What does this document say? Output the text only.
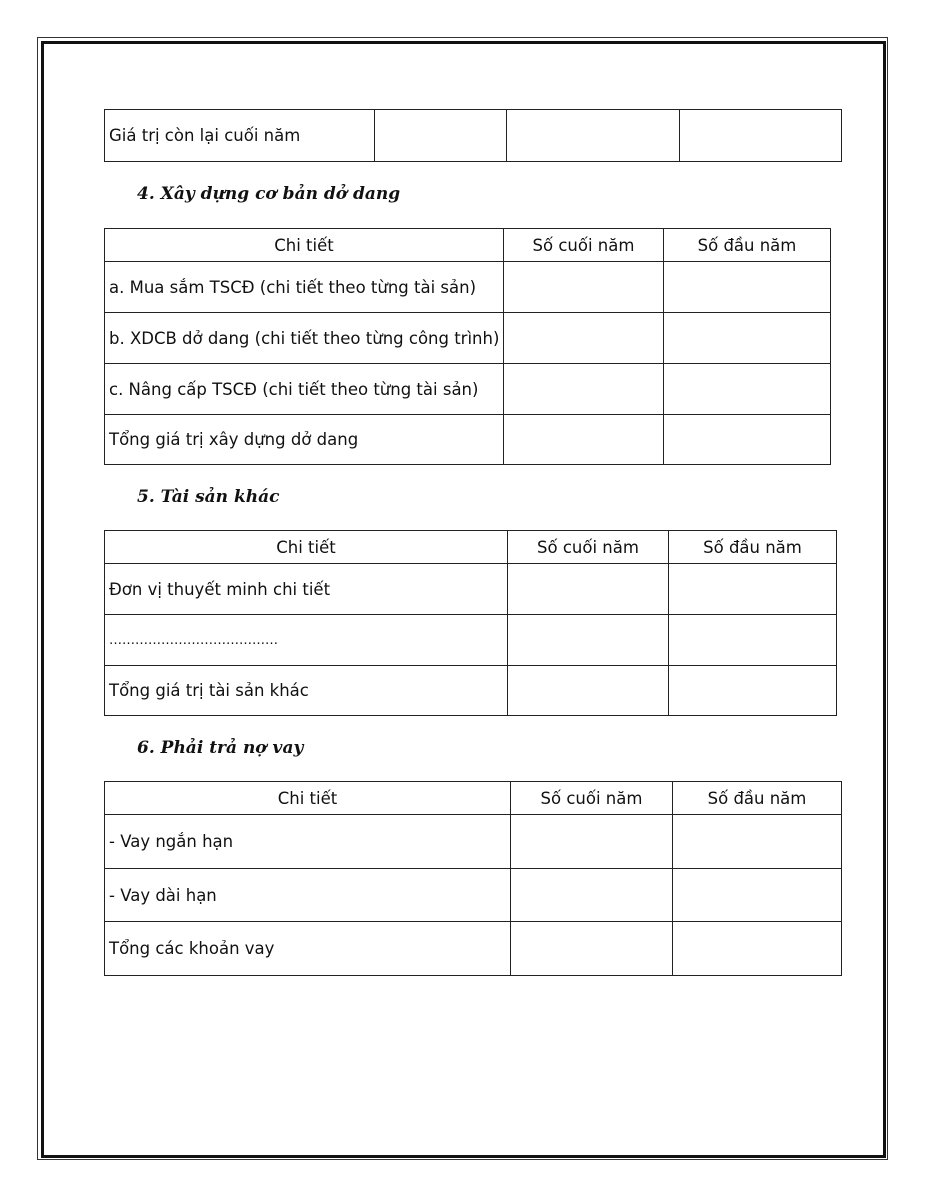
Giá trị còn lại cuối năm			

4. Xây dựng cơ bản dở dang

Chi tiết	Số cuối năm	Số đầu năm
a. Mua sắm TSCĐ (chi tiết theo từng tài sản)		
b. XDCB dở dang (chi tiết theo từng công trình)		
c. Nâng cấp TSCĐ (chi tiết theo từng tài sản)		
Tổng giá trị xây dựng dở dang		

5. Tài sản khác

Chi tiết	Số cuối năm	Số đầu năm
Đơn vị thuyết minh chi tiết		
…………………………………		
Tổng giá trị tài sản khác		

6. Phải trả nợ vay

Chi tiết	Số cuối năm	Số đầu năm
- Vay ngắn hạn		
- Vay dài hạn		
Tổng các khoản vay		
